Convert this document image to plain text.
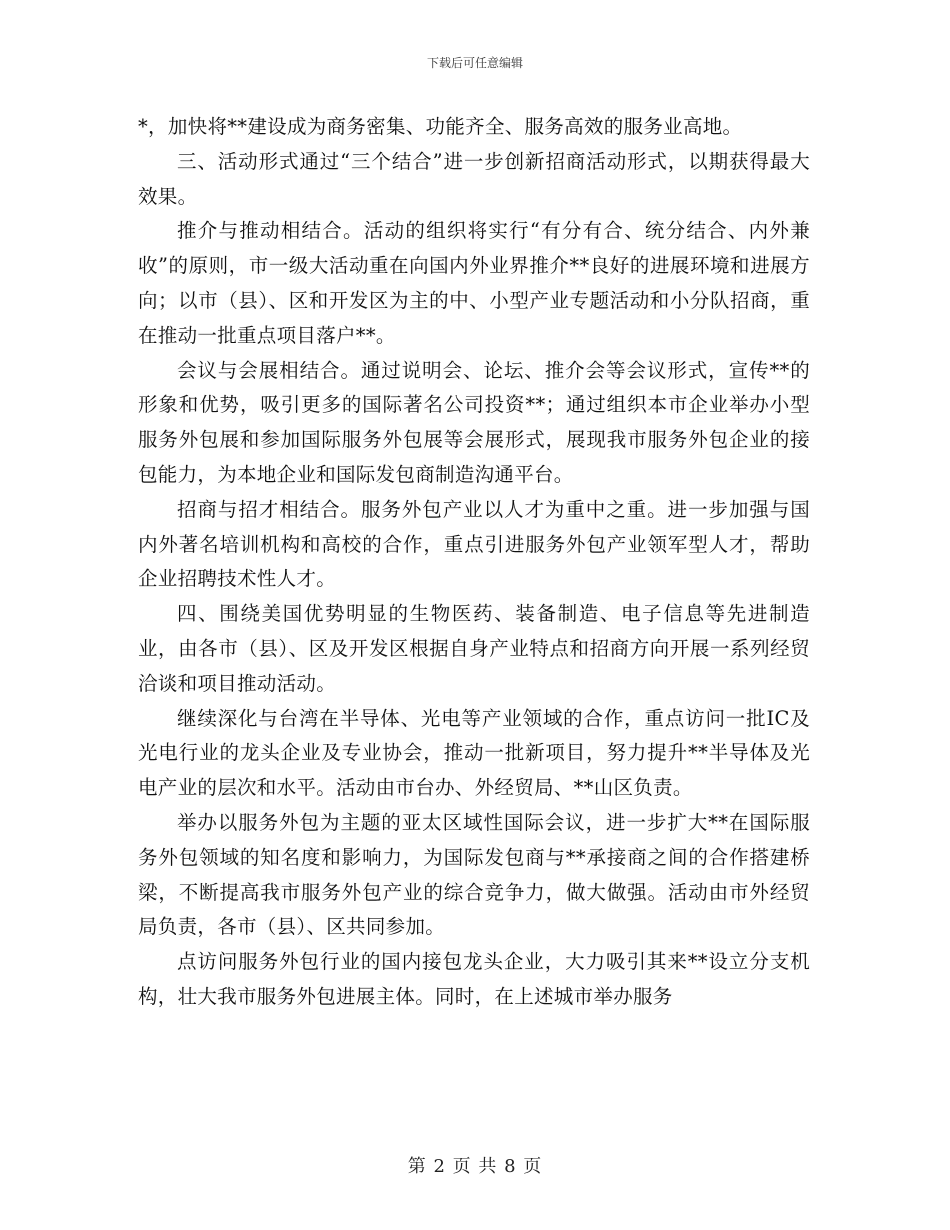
下载后可任意编辑

*，加快将**建设成为商务密集、功能齐全、服务高效的服务业高地。

三、活动形式通过“三个结合”进一步创新招商活动形式，以期获得最大效果。

推介与推动相结合。活动的组织将实行“有分有合、统分结合、内外兼收”的原则，市一级大活动重在向国内外业界推介**良好的进展环境和进展方向；以市（县）、区和开发区为主的中、小型产业专题活动和小分队招商，重在推动一批重点项目落户**。

会议与会展相结合。通过说明会、论坛、推介会等会议形式，宣传**的形象和优势，吸引更多的国际著名公司投资**；通过组织本市企业举办小型服务外包展和参加国际服务外包展等会展形式，展现我市服务外包企业的接包能力，为本地企业和国际发包商制造沟通平台。

招商与招才相结合。服务外包产业以人才为重中之重。进一步加强与国内外著名培训机构和高校的合作，重点引进服务外包产业领军型人才，帮助企业招聘技术性人才。

四、围绕美国优势明显的生物医药、装备制造、电子信息等先进制造业，由各市（县）、区及开发区根据自身产业特点和招商方向开展一系列经贸洽谈和项目推动活动。

继续深化与台湾在半导体、光电等产业领域的合作，重点访问一批IC及光电行业的龙头企业及专业协会，推动一批新项目，努力提升**半导体及光电产业的层次和水平。活动由市台办、外经贸局、**山区负责。

举办以服务外包为主题的亚太区域性国际会议，进一步扩大**在国际服务外包领域的知名度和影响力，为国际发包商与**承接商之间的合作搭建桥梁，不断提高我市服务外包产业的综合竞争力，做大做强。活动由市外经贸局负责，各市（县）、区共同参加。

点访问服务外包行业的国内接包龙头企业，大力吸引其来**设立分支机构，壮大我市服务外包进展主体。同时，在上述城市举办服务

第 2 页 共 8 页
